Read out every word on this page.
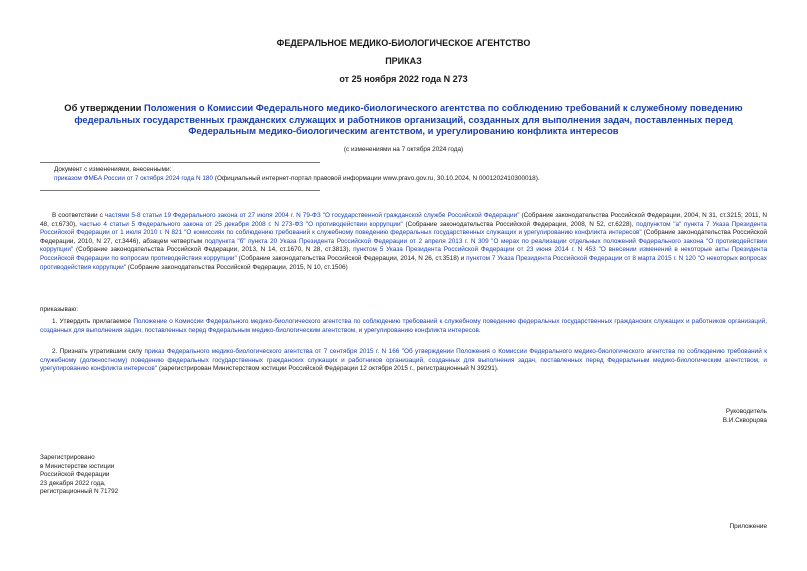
ФЕДЕРАЛЬНОЕ МЕДИКО-БИОЛОГИЧЕСКОЕ АГЕНТСТВО
ПРИКАЗ
от 25 ноября 2022 года N 273
Об утверждении Положения о Комиссии Федерального медико-биологического агентства по соблюдению требований к служебному поведению федеральных государственных гражданских служащих и работников организаций, созданных для выполнения задач, поставленных перед Федеральным медико-биологическим агентством, и урегулированию конфликта интересов
(с изменениями на 7 октября 2024 года)
Документ с изменениями, внесенными:
приказом ФМБА России от 7 октября 2024 года N 180 (Официальный интернет-портал правовой информации www.pravo.gov.ru, 30.10.2024, N 0001202410300018).
В соответствии с частями 5-8 статьи 19 Федерального закона от 27 июля 2004 г. N 79-ФЗ "О государственной гражданской службе Российской Федерации" (Собрание законодательства Российской Федерации, 2004, N 31, ст.3215; 2011, N 48, ст.6730), частью 4 статьи 5 Федерального закона от 25 декабря 2008 г. N 273-ФЗ "О противодействии коррупции" (Собрание законодательства Российской Федерации, 2008, N 52, ст.6228), подпунктом "а" пункта 7 Указа Президента Российской Федерации от 1 июля 2010 г. N 821 "О комиссиях по соблюдению требований к служебному поведению федеральных государственных служащих и урегулированию конфликта интересов" (Собрание законодательства Российской Федерации, 2010, N 27, ст.3446), абзацем четвертым подпункта "б" пункта 20 Указа Президента Российской Федерации от 2 апреля 2013 г. N 309 "О мерах по реализации отдельных положений Федерального закона "О противодействии коррупции" (Собрание законодательства Российской Федерации, 2013, N 14, ст.1670, N 28, ст.3813), пунктом 5 Указа Президента Российской Федерации от 23 июня 2014 г. N 453 "О внесении изменений в некоторые акты Президента Российской Федерации по вопросам противодействия коррупции" (Собрание законодательства Российской Федерации, 2014, N 26, ст.3518) и пунктом 7 Указа Президента Российской Федерации от 8 марта 2015 г. N 120 "О некоторых вопросах противодействия коррупции" (Собрание законодательства Российской Федерации, 2015, N 10, ст.1506)
приказываю:
1. Утвердить прилагаемое Положение о Комиссии Федерального медико-биологического агентства по соблюдению требований к служебному поведению федеральных государственных гражданских служащих и работников организаций, созданных для выполнения задач, поставленных перед Федеральным медико-биологическим агентством, и урегулированию конфликта интересов.
2. Признать утратившим силу приказ Федерального медико-биологического агентства от 7 сентября 2015 г. N 166 "Об утверждении Положения о Комиссии Федерального медико-биологического агентства по соблюдению требований к служебному (должностному) поведению федеральных государственных гражданских служащих и работников организаций, созданных для выполнения задач, поставленных перед Федеральным медико-биологическим агентством, и урегулированию конфликта интересов" (зарегистрирован Министерством юстиции Российской Федерации 12 октября 2015 г., регистрационный N 39291).
Руководитель
В.И.Скворцова
Зарегистрировано
в Министерстве юстиции
Российской Федерации
23 декабря 2022 года,
регистрационный N 71792
Приложение
